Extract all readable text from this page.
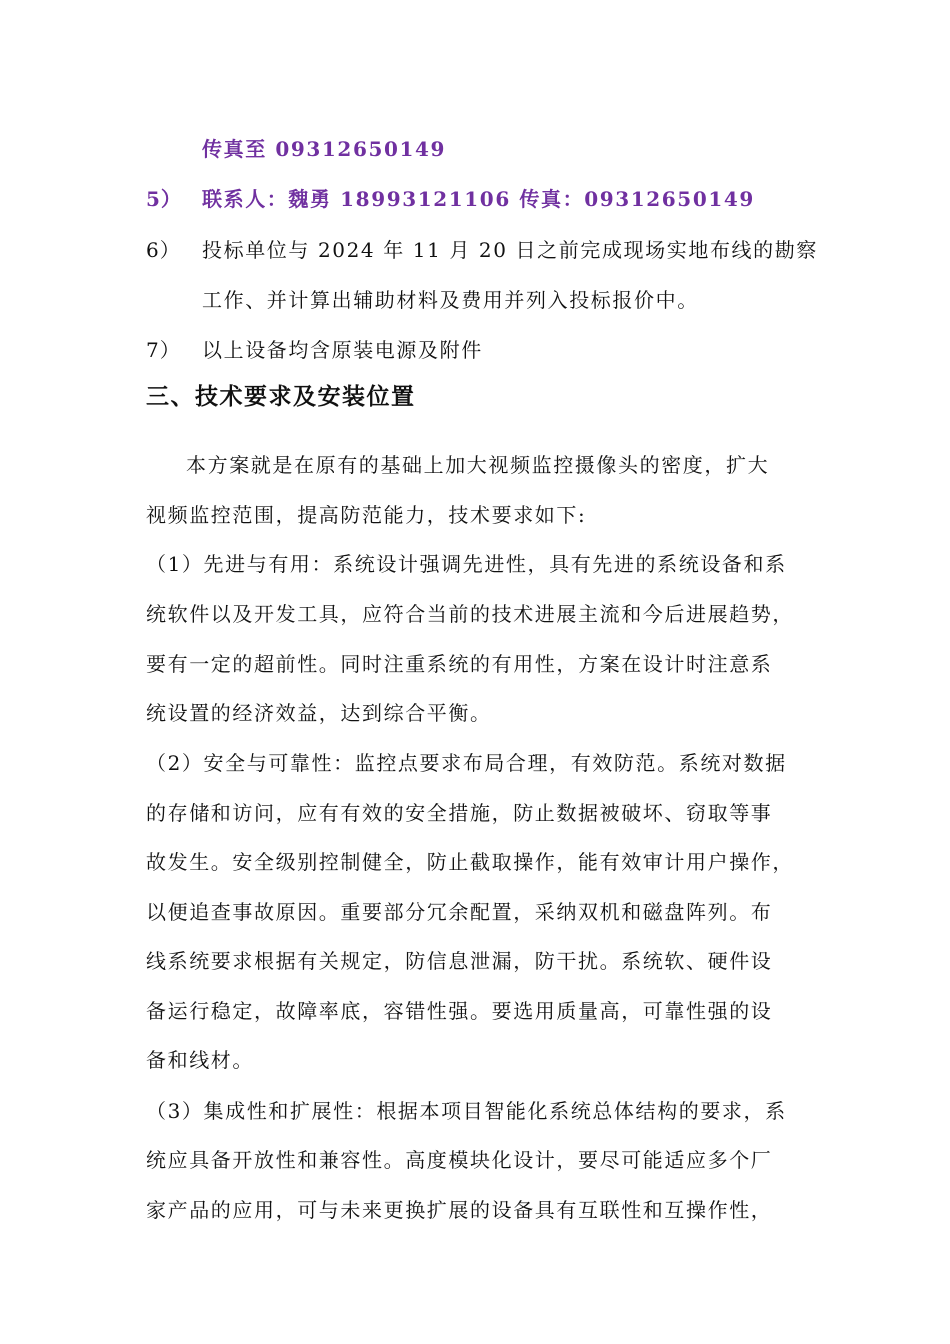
传真至 09312650149
5） 联系人：魏勇 18993121106 传真：09312650149
6） 投标单位与 2024 年 11 月 20 日之前完成现场实地布线的勘察
工作、并计算出辅助材料及费用并列入投标报价中。
7） 以上设备均含原装电源及附件
三、技术要求及安装位置
本方案就是在原有的基础上加大视频监控摄像头的密度，扩大
视频监控范围，提高防范能力，技术要求如下:
（1）先进与有用：系统设计强调先进性，具有先进的系统设备和系
统软件以及开发工具，应符合当前的技术进展主流和今后进展趋势，
要有一定的超前性。同时注重系统的有用性，方案在设计时注意系
统设置的经济效益，达到综合平衡。
（2）安全与可靠性：监控点要求布局合理，有效防范。系统对数据
的存储和访问，应有有效的安全措施，防止数据被破坏、窃取等事
故发生。安全级别控制健全，防止截取操作，能有效审计用户操作，
以便追查事故原因。重要部分冗余配置，采纳双机和磁盘阵列。布
线系统要求根据有关规定，防信息泄漏，防干扰。系统软、硬件设
备运行稳定，故障率底，容错性强。要选用质量高，可靠性强的设
备和线材。
（3）集成性和扩展性：根据本项目智能化系统总体结构的要求，系
统应具备开放性和兼容性。高度模块化设计，要尽可能适应多个厂
家产品的应用，可与未来更换扩展的设备具有互联性和互操作性，
